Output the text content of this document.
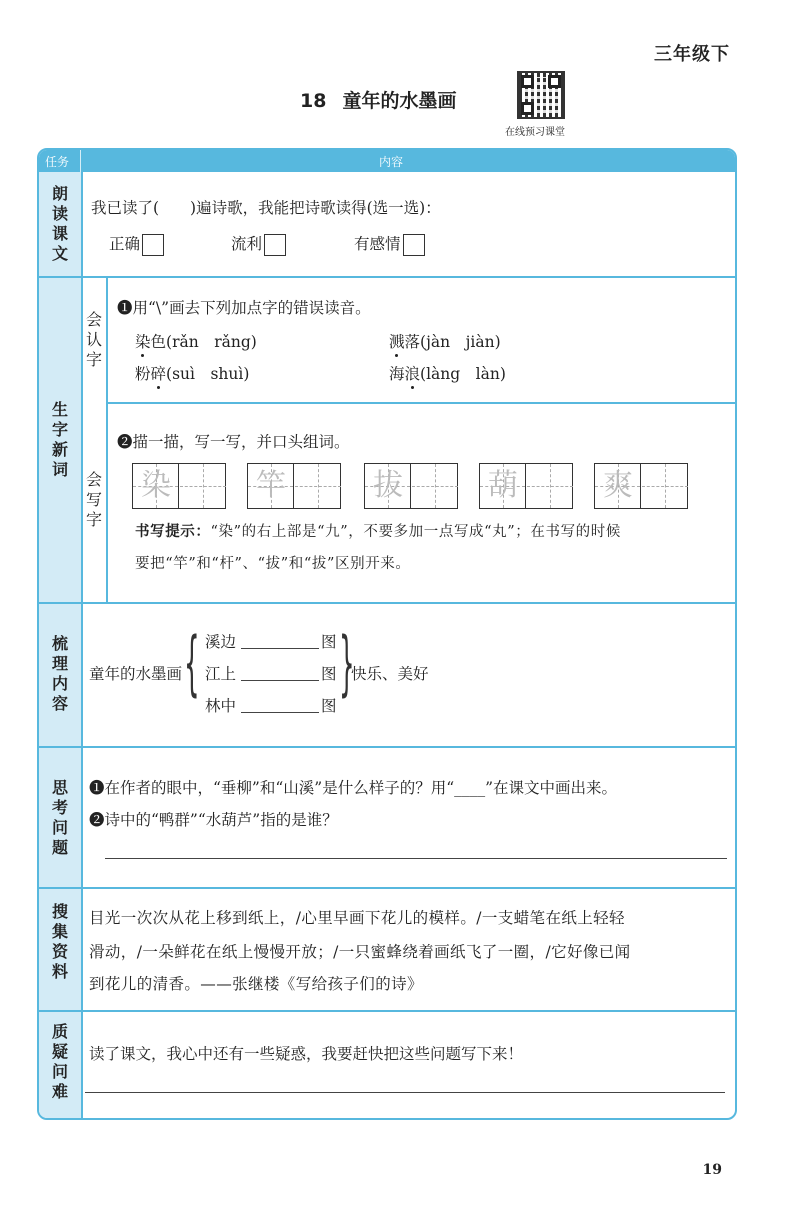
三年级下
18 童年的水墨画
在线预习课堂
任务	内容
朗读课文
我已读了(　　)遍诗歌，我能把诗歌读得(选一选)：
正确	流利	有感情
生字新词
会认字
❶用“\”画去下列加点字的错误读音。
染色(rǎn　rǎng)	溅落(jàn　jiàn)
粉碎(suì　shuì)	海浪(làng　làn)
会写字
❷描一描，写一写，并口头组词。
染	竿	拔	葫	爽
书写提示：“染”的右上部是“九”，不要多加一点写成“丸”；在书写的时候
要把“竿”和“杆”、“拔”和“拔”区别开来。
梳理内容
童年的水墨画 { 溪边	图
江上	图
林中	图
}
快乐、美好
思考问题
❶在作者的眼中，“垂柳”和“山溪”是什么样子的？用“____”在课文中画出来。
❷诗中的“鸭群”“水葫芦”指的是谁？
搜集资料
目光一次次从花上移到纸上，/心里早画下花儿的模样。/一支蜡笔在纸上轻轻
滑动，/一朵鲜花在纸上慢慢开放；/一只蜜蜂绕着画纸飞了一圈，/它好像已闻
到花儿的清香。——张继楼《写给孩子们的诗》
质疑问难
读了课文，我心中还有一些疑惑，我要赶快把这些问题写下来！
19
